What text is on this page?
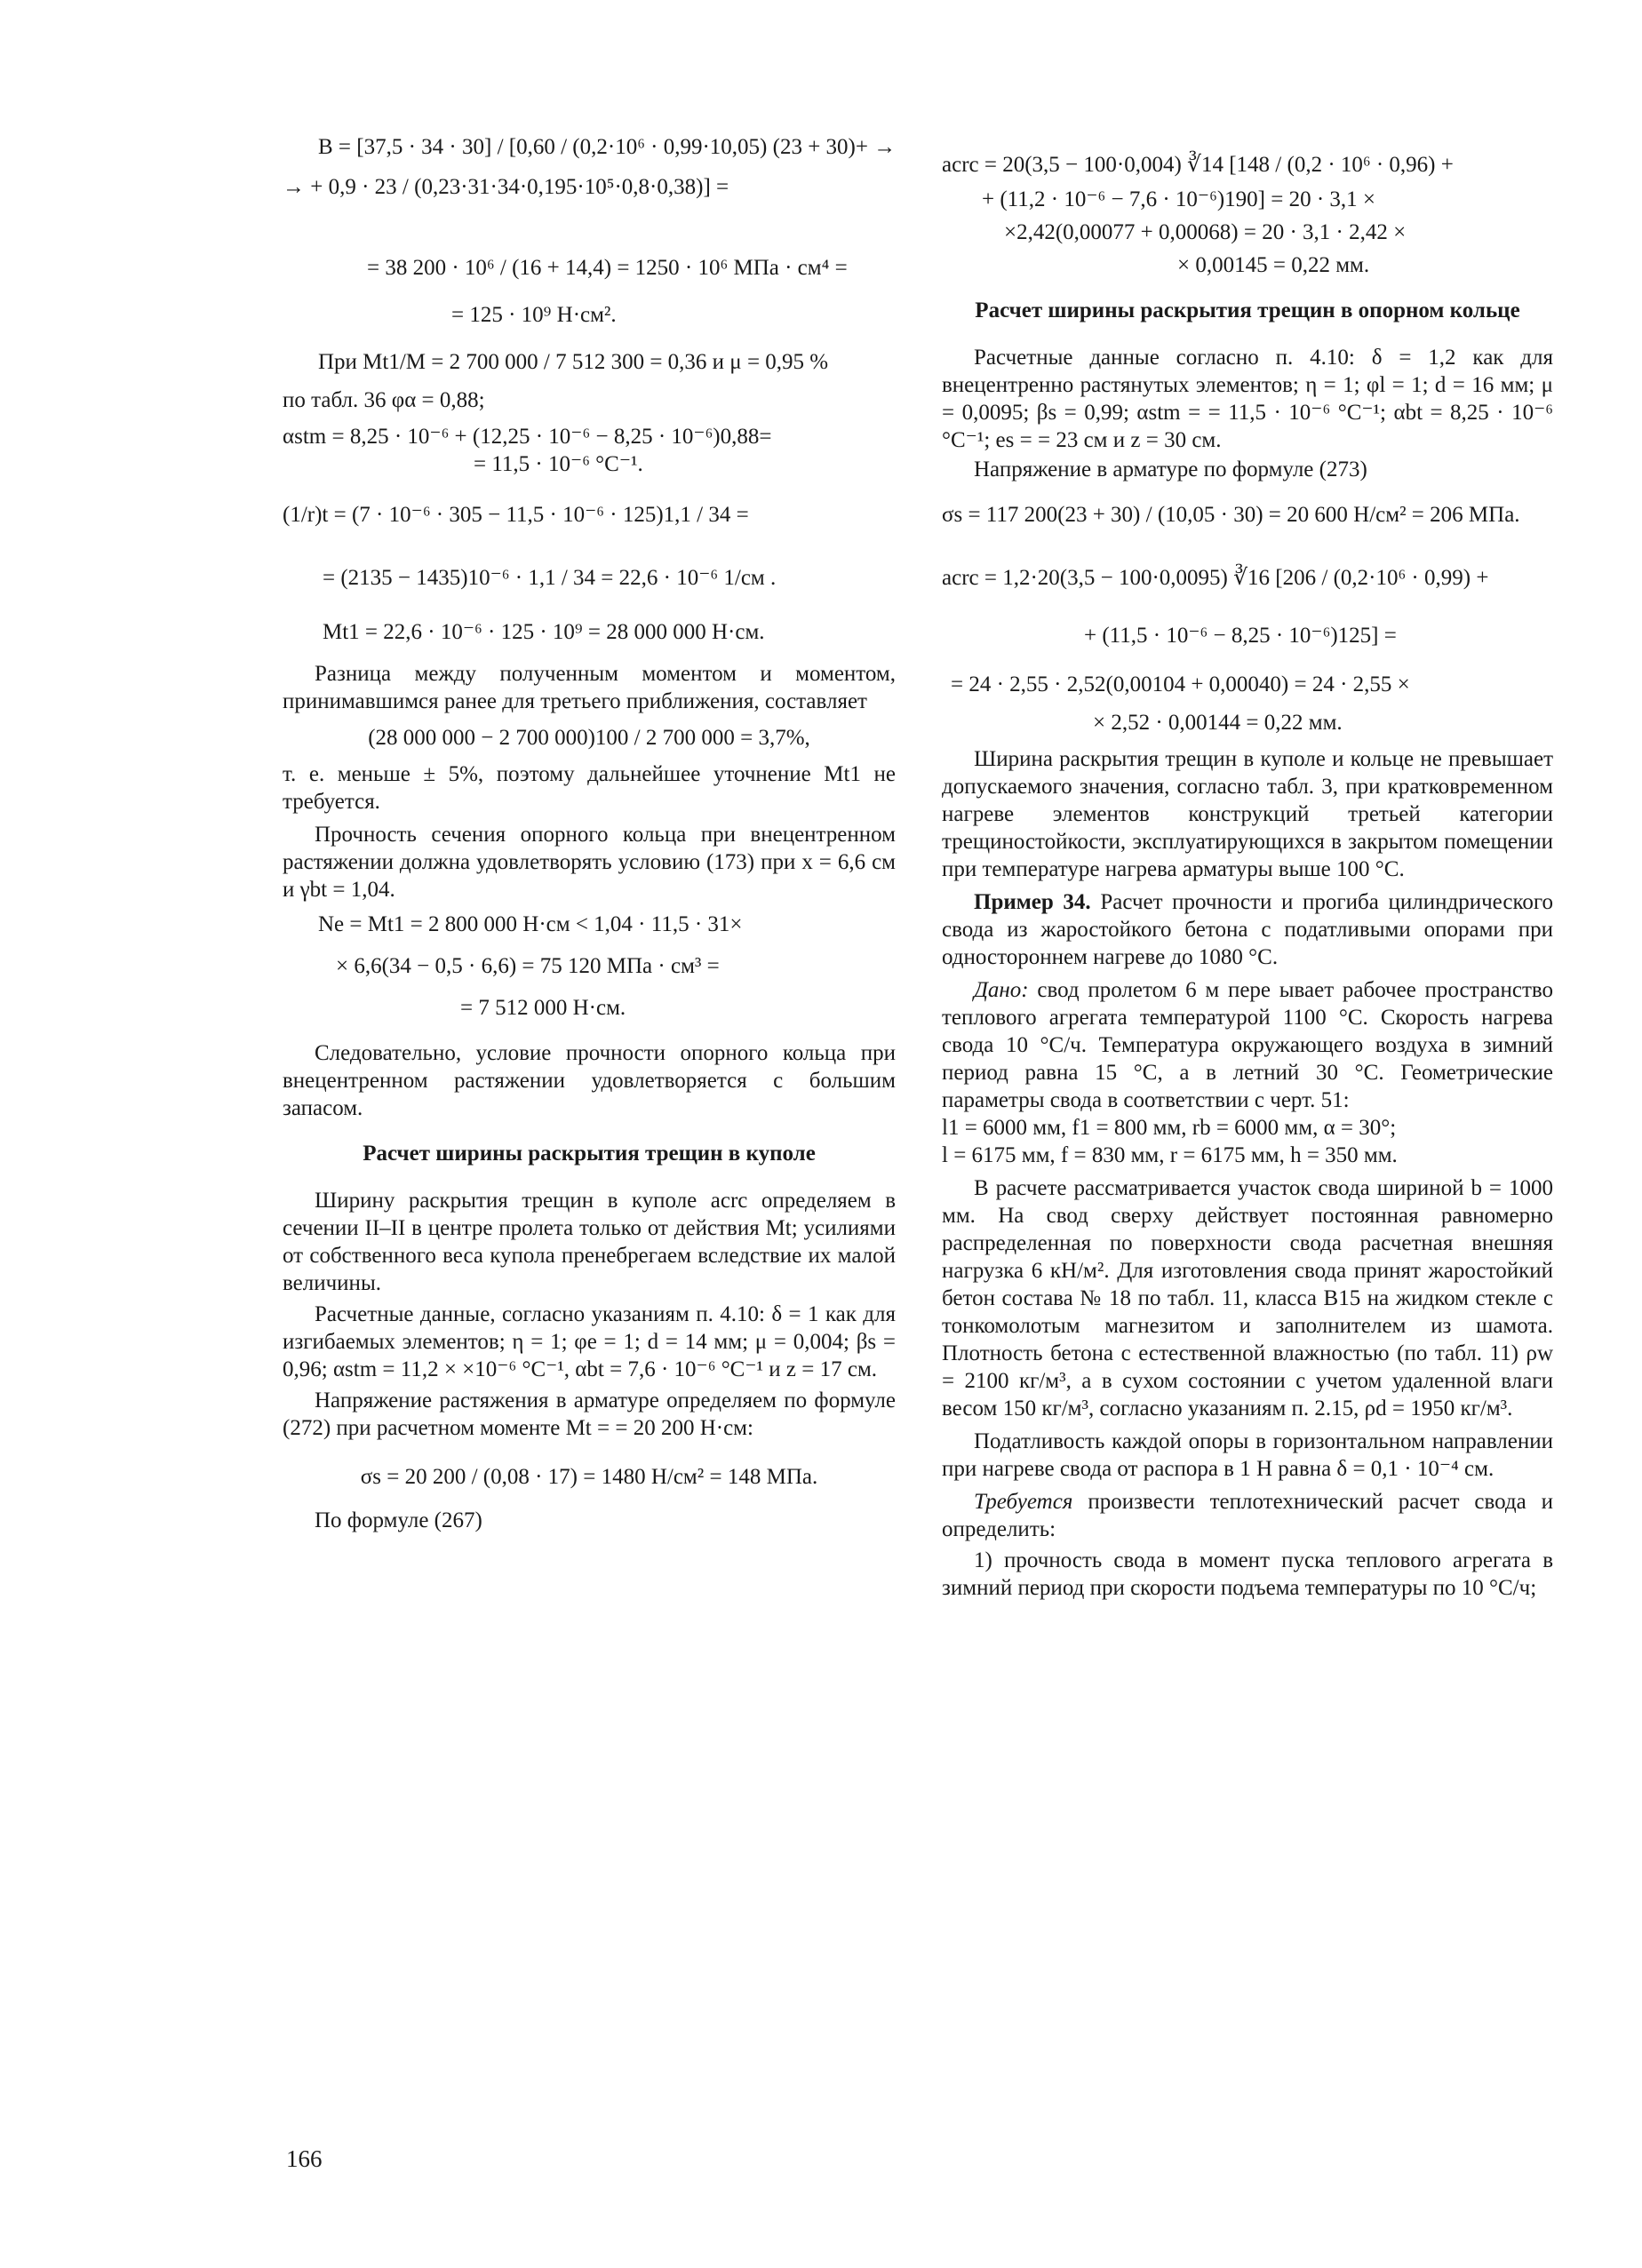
B = [37,5 · 34 · 30] / [0,60 / (0,2·10⁶ · 0,99·10,05) (23 + 30)+ →
→ + 0,9 · 23 / (0,23·31·34·0,195·10⁵·0,8·0,38)] =
= 38 200 · 10⁶ / (16 + 14,4) = 1250 · 10⁶ МПа · см⁴ =
= 125 · 10⁹ Н·см².
При Mt1/M = 2 700 000 / 7 512 300 = 0,36 и μ = 0,95 %
по табл. 36 φα = 0,88;
αstm = 8,25 · 10⁻⁶ + (12,25 · 10⁻⁶ − 8,25 · 10⁻⁶)0,88=
= 11,5 · 10⁻⁶ °C⁻¹.
(1/r)t = (7 · 10⁻⁶ · 305 − 11,5 · 10⁻⁶ · 125)1,1 / 34 =
= (2135 − 1435)10⁻⁶ · 1,1 / 34 = 22,6 · 10⁻⁶ 1/см .
Mt1 = 22,6 · 10⁻⁶ · 125 · 10⁹ = 28 000 000 Н·см.

Разница между полученным моментом и моментом, принимавшимся ранее для третьего приближения, составляет

(28 000 000 − 2 700 000)100 / 2 700 000 = 3,7%,

т. е. меньше ± 5%, поэтому дальнейшее уточнение Mt1 не требуется.

Прочность сечения опорного кольца при внецентренном растяжении должна удовлетворять условию (173) при x = 6,6 см и γbt = 1,04.

Ne = Mt1 = 2 800 000 Н·см < 1,04 · 11,5 · 31×
× 6,6(34 − 0,5 · 6,6) = 75 120 МПа · см³ =
= 7 512 000 Н·см.

Следовательно, условие прочности опорного кольца при внецентренном растяжении удовлетворяется с большим запасом.

Расчет ширины раскрытия трещин в куполе

Ширину раскрытия трещин в куполе acrc определяем в сечении II–II в центре пролета только от действия Mt; усилиями от собственного веса купола пренебрегаем вследствие их малой величины.

Расчетные данные, согласно указаниям п. 4.10: δ = 1 как для изгибаемых элементов; η = 1; φe = 1; d = 14 мм; μ = 0,004; βs = 0,96; αstm = 11,2 × ×10⁻⁶ °C⁻¹, αbt = 7,6 · 10⁻⁶ °C⁻¹ и z = 17 см.

Напряжение растяжения в арматуре определяем по формуле (272) при расчетном моменте Mt = = 20 200 Н·см:

σs = 20 200 / (0,08 · 17) = 1480 Н/см² = 148 МПа.

По формуле (267)

acrc = 20(3,5 − 100·0,004) ∛14 [148 / (0,2 · 10⁶ · 0,96) +
+ (11,2 · 10⁻⁶ − 7,6 · 10⁻⁶)190] = 20 · 3,1 ×
×2,42(0,00077 + 0,00068) = 20 · 3,1 · 2,42 ×
× 0,00145 = 0,22 мм.

Расчет ширины раскрытия трещин в опорном кольце

Расчетные данные согласно п. 4.10: δ = 1,2 как для внецентренно растянутых элементов; η = 1; φl = 1; d = 16 мм; μ = 0,0095; βs = 0,99; αstm = = 11,5 · 10⁻⁶ °C⁻¹; αbt = 8,25 · 10⁻⁶ °C⁻¹; es = = 23 см и z = 30 см.

Напряжение в арматуре по формуле (273)

σs = 117 200(23 + 30) / (10,05 · 30) = 20 600 Н/см² = 206 МПа.
acrc = 1,2·20(3,5 − 100·0,0095) ∛16 [206 / (0,2·10⁶ · 0,99) +
+ (11,5 · 10⁻⁶ − 8,25 · 10⁻⁶)125] =
= 24 · 2,55 · 2,52(0,00104 + 0,00040) = 24 · 2,55 ×
× 2,52 · 0,00144 = 0,22 мм.

Ширина раскрытия трещин в куполе и кольце не превышает допускаемого значения, согласно табл. 3, при кратковременном нагреве элементов конструкций третьей категории трещиностойкости, эксплуатирующихся в закрытом помещении при температуре нагрева арматуры выше 100 °C.

Пример 34. Расчет прочности и прогиба цилиндрического свода из жаростойкого бетона с податливыми опорами при одностороннем нагреве до 1080 °C.

Дано: свод пролетом 6 м пере ывает рабочее пространство теплового агрегата температурой 1100 °C. Скорость нагрева свода 10 °C/ч. Температура окружающего воздуха в зимний период равна 15 °C, а в летний 30 °C. Геометрические параметры свода в соответствии с черт. 51:

l1 = 6000 мм, f1 = 800 мм, rb = 6000 мм, α = 30°;

l = 6175 мм, f = 830 мм, r = 6175 мм, h = 350 мм.

В расчете рассматривается участок свода шириной b = 1000 мм. На свод сверху действует постоянная равномерно распределенная по поверхности свода расчетная внешняя нагрузка 6 кН/м². Для изготовления свода принят жаростойкий бетон состава № 18 по табл. 11, класса В15 на жидком стекле с тонкомолотым магнезитом и заполнителем из шамота. Плотность бетона с естественной влажностью (по табл. 11) ρw = 2100 кг/м³, а в сухом состоянии с учетом удаленной влаги весом 150 кг/м³, согласно указаниям п. 2.15, ρd = 1950 кг/м³.

Податливость каждой опоры в горизонтальном направлении при нагреве свода от распора в 1 Н равна δ = 0,1 · 10⁻⁴ см.

Требуется произвести теплотехнический расчет свода и определить:

1) прочность свода в момент пуска теплового агрегата в зимний период при скорости подъема температуры по 10 °C/ч;

166
